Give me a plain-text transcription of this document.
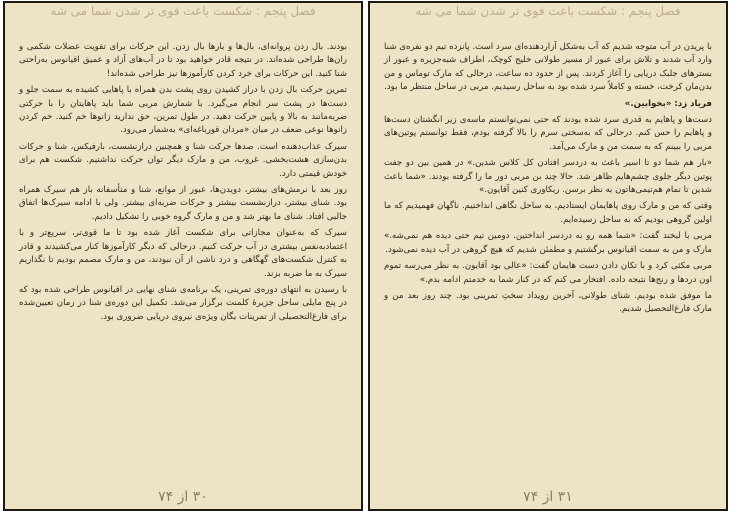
فصل پنجم : شکست باعث قوی تر شدن شما می شه

بودند. بال زدن پروانه‌ای، بال‌ها و بارها بال زدن. این حرکات برای تقویت عضلات شکمی و ران‌ها طراحی شده‌اند. در نتیجه قادر خواهید بود تا در آب‌های آزاد و عمیق اقیانوس به‌راحتی شنا کنید. این حرکات برای خرد کردن کارآموزها نیز طراحی شده‌اند!

تمرین حرکت بال زدن با دراز کشیدن روی پشت بدن همراه با پاهایی کشیده به سمت جلو و دست‌ها در پشت سر انجام می‌گیرد. با شمارش مربی شما باید پاهایتان را با حرکتی ضربه‌مانند به بالا و پایین حرکت دهید. در طول تمرین، حق ندارید زانوها خم کنید. خم کردن زانوها نوعی ضعف در میان «مردان قورباغه‌ای» به‌شمار می‌رود.

سیرک عذاب‌دهنده است. صدها حرکت شنا و همچنین درازنشست، بارفیکس، شنا و حرکات بدن‌سازی هشت‌بخشی. غروب، من و مارک دیگر توان حرکت نداشتیم. شکست هم برای خودش قیمتی دارد.

روز بعد با نرمش‌های بیشتر، دویدن‌ها، عبور از موانع، شنا و متأسفانه باز هم سیرک همراه بود. شنای بیشتر، درازنشست بیشتر و حرکات ضربه‌ای بیشتر. ولی با ادامه سیرک‌ها اتفاق جالبی افتاد. شنای ما بهتر شد و من و مارک گروه خوبی را تشکیل دادیم.

سیرک که به‌عنوان مجازاتی برای شکست آغاز شده بود تا ما قوی‌تر، سریع‌تر و با اعتماد‌به‌نفس بیشتری در آب حرکت کنیم. درحالی که دیگر کارآموزها کنار می‌کشیدند و قادر به کنترل شکست‌های گهگاهی و درد ناشی از آن نبودند، من و مارک مصمم بودیم تا نگذاریم سیرک به ما ضربه بزند.

با رسیدن به انتهای دوره‌ی تمرینی، یک برنامه‌ی شنای نهایی در اقیانوس طراحی شده بود که در پنج مایلی ساحل جزیرهٔ کلمنت برگزار می‌شد. تکمیل این دوره‌ی شنا در زمان تعیین‌شده برای فارغ‌التحصیلی از تمرینات یگان ویژه‌ی نیروی دریایی ضروری بود.

۳۰ از ۷۴
فصل پنجم : شکست باعث قوی تر شدن شما می شه

با پریدن در آب متوجه شدیم که آب به‌شکل آزاردهنده‌ای سرد است. پانزده تیم دو نفره‌ی شنا وارد آب شدند و تلاش برای عبور از مسیر طولانی خلیج کوچک، اطراف شبه‌جزیره و عبور از بسترهای جلبک دریایی را آغاز کردند. پس از حدود ده ساعت، درحالی که مارک توماس و من بدن‌مان کرخت، خسته و کاملاً سرد شده بود به ساحل رسیدیم. مربی در ساحل منتظر ما بود.

فریاد زد: «بخوابین.»

دست‌ها و پاهایم به قدری سرد شده بودند که حتی نمی‌توانستم ماسه‌ی زیر انگشتان دست‌ها و پاهایم را حس کنم. درحالی که به‌سختی سرم را بالا گرفته بودم، فقط توانستم پوتین‌های مربی را ببینم که به سمت من و مارک می‌آمد.

«بار هم شما دو تا اسیر باعث به دردسر افتادن کل کلاس شدین.» در همین بین دو جفت پوتین دیگر جلوی چشم‌هایم ظاهر شد. حالا چند بن مربی دور ما را گرفته بودند. «شما باعث شدین تا تمام هم‌تیمی‌هاتون به نظر برسن. ریکاوری کنین آقایون.»

وقتی که من و مارک روی پاهایمان ایستادیم، به ساحل نگاهی انداختیم. ناگهان فهمیدیم که ما اولین گروهی بودیم که به ساحل رسیده‌ایم.

مربی با لبخند گفت: «شما همه رو به دردسر انداختین. دومین تیم حتی دیده هم نمی‌شه.» مارک و من به سمت اقیانوس برگشتیم و مطمئن شدیم که هیچ گروهی در آب دیده نمی‌شود.

مربی مکثی کرد و با تکان دادن دست هایمان گفت: «عالی بود آقایون. به نظر می‌رسه تموم اون دردها و رنج‌ها نتیجه داده. افتخار می کنم که در کنار شما به خدمتم ادامه بدم.»

ما موفق شده بودیم. شنای طولانی، آخرین رویداد سختِ تمرینی بود. چند روز بعد من و مارک فارغ‌التحصیل شدیم.

۳۱ از ۷۴
